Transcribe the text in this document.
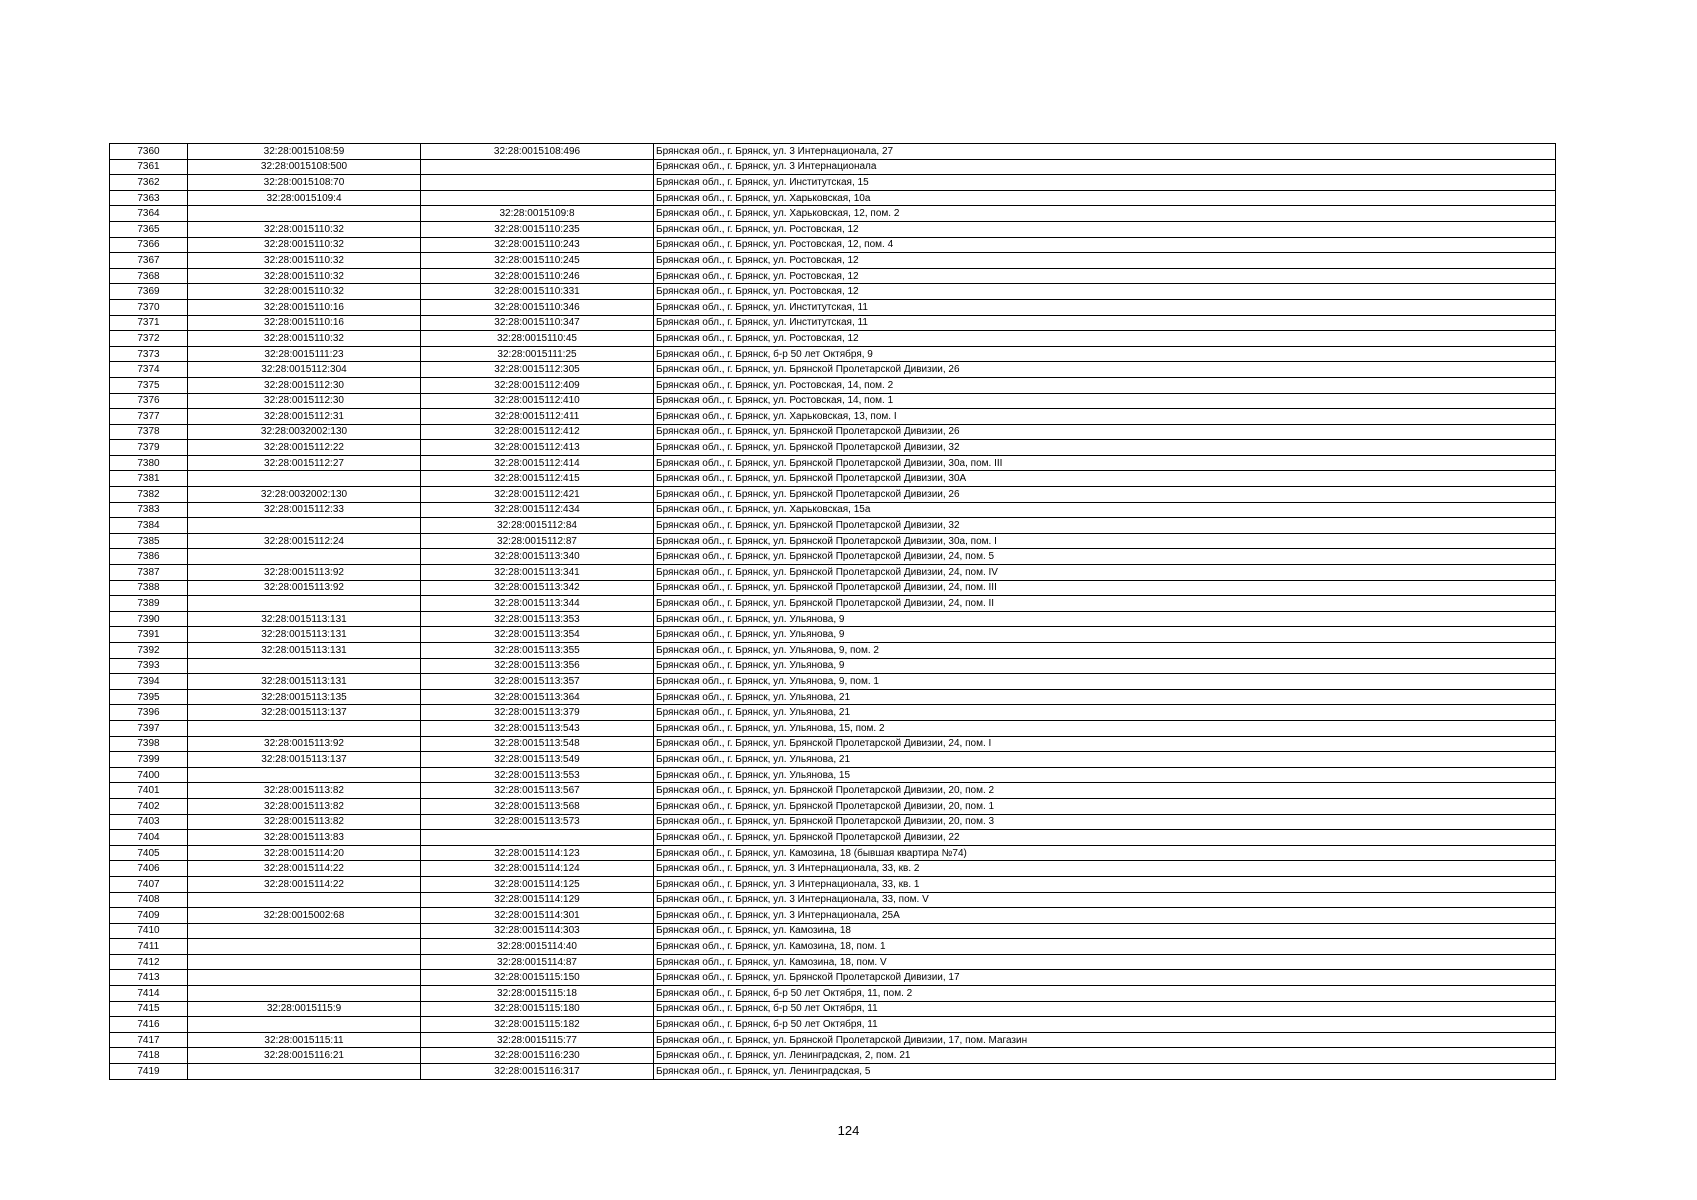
7360	32:28:0015108:59	32:28:0015108:496	Брянская обл., г. Брянск, ул. 3 Интернационала, 27
7361	32:28:0015108:500		Брянская обл., г. Брянск, ул. 3 Интернационала
7362	32:28:0015108:70		Брянская обл., г. Брянск, ул. Институтская, 15
7363	32:28:0015109:4		Брянская обл., г. Брянск, ул. Харьковская, 10а
7364		32:28:0015109:8	Брянская обл., г. Брянск, ул. Харьковская, 12, пом. 2
7365	32:28:0015110:32	32:28:0015110:235	Брянская обл., г. Брянск, ул. Ростовская, 12
7366	32:28:0015110:32	32:28:0015110:243	Брянская обл., г. Брянск, ул. Ростовская, 12, пом. 4
7367	32:28:0015110:32	32:28:0015110:245	Брянская обл., г. Брянск, ул. Ростовская, 12
7368	32:28:0015110:32	32:28:0015110:246	Брянская обл., г. Брянск, ул. Ростовская, 12
7369	32:28:0015110:32	32:28:0015110:331	Брянская обл., г. Брянск, ул. Ростовская, 12
7370	32:28:0015110:16	32:28:0015110:346	Брянская обл., г. Брянск, ул. Институтская, 11
7371	32:28:0015110:16	32:28:0015110:347	Брянская обл., г. Брянск, ул. Институтская, 11
7372	32:28:0015110:32	32:28:0015110:45	Брянская обл., г. Брянск, ул. Ростовская, 12
7373	32:28:0015111:23	32:28:0015111:25	Брянская обл., г. Брянск, б-р 50 лет Октября, 9
7374	32:28:0015112:304	32:28:0015112:305	Брянская обл., г. Брянск, ул. Брянской Пролетарской Дивизии, 26
7375	32:28:0015112:30	32:28:0015112:409	Брянская обл., г. Брянск, ул. Ростовская, 14, пом. 2
7376	32:28:0015112:30	32:28:0015112:410	Брянская обл., г. Брянск, ул. Ростовская, 14, пом. 1
7377	32:28:0015112:31	32:28:0015112:411	Брянская обл., г. Брянск, ул. Харьковская, 13, пом. I
7378	32:28:0032002:130	32:28:0015112:412	Брянская обл., г. Брянск, ул. Брянской Пролетарской Дивизии, 26
7379	32:28:0015112:22	32:28:0015112:413	Брянская обл., г. Брянск, ул. Брянской Пролетарской Дивизии, 32
7380	32:28:0015112:27	32:28:0015112:414	Брянская обл., г. Брянск, ул. Брянской Пролетарской Дивизии, 30а, пом. III
7381		32:28:0015112:415	Брянская обл., г. Брянск, ул. Брянской Пролетарской Дивизии, 30А
7382	32:28:0032002:130	32:28:0015112:421	Брянская обл., г. Брянск, ул. Брянской Пролетарской Дивизии, 26
7383	32:28:0015112:33	32:28:0015112:434	Брянская обл., г. Брянск, ул. Харьковская, 15а
7384		32:28:0015112:84	Брянская обл., г. Брянск, ул. Брянской Пролетарской Дивизии, 32
7385	32:28:0015112:24	32:28:0015112:87	Брянская обл., г. Брянск, ул. Брянской Пролетарской Дивизии, 30а, пом. I
7386		32:28:0015113:340	Брянская обл., г. Брянск, ул. Брянской Пролетарской Дивизии, 24, пом. 5
7387	32:28:0015113:92	32:28:0015113:341	Брянская обл., г. Брянск, ул. Брянской Пролетарской Дивизии, 24, пом. IV
7388	32:28:0015113:92	32:28:0015113:342	Брянская обл., г. Брянск, ул. Брянской Пролетарской Дивизии, 24, пом. III
7389		32:28:0015113:344	Брянская обл., г. Брянск, ул. Брянской Пролетарской Дивизии, 24, пом. II
7390	32:28:0015113:131	32:28:0015113:353	Брянская обл., г. Брянск, ул. Ульянова, 9
7391	32:28:0015113:131	32:28:0015113:354	Брянская обл., г. Брянск, ул. Ульянова, 9
7392	32:28:0015113:131	32:28:0015113:355	Брянская обл., г. Брянск, ул. Ульянова, 9, пом. 2
7393		32:28:0015113:356	Брянская обл., г. Брянск, ул. Ульянова, 9
7394	32:28:0015113:131	32:28:0015113:357	Брянская обл., г. Брянск, ул. Ульянова, 9, пом. 1
7395	32:28:0015113:135	32:28:0015113:364	Брянская обл., г. Брянск, ул. Ульянова, 21
7396	32:28:0015113:137	32:28:0015113:379	Брянская обл., г. Брянск, ул. Ульянова, 21
7397		32:28:0015113:543	Брянская обл., г. Брянск, ул. Ульянова, 15, пом. 2
7398	32:28:0015113:92	32:28:0015113:548	Брянская обл., г. Брянск, ул. Брянской Пролетарской Дивизии, 24, пом. I
7399	32:28:0015113:137	32:28:0015113:549	Брянская обл., г. Брянск, ул. Ульянова, 21
7400		32:28:0015113:553	Брянская обл., г. Брянск, ул. Ульянова, 15
7401	32:28:0015113:82	32:28:0015113:567	Брянская обл., г. Брянск, ул. Брянской Пролетарской Дивизии, 20, пом. 2
7402	32:28:0015113:82	32:28:0015113:568	Брянская обл., г. Брянск, ул. Брянской Пролетарской Дивизии, 20, пом. 1
7403	32:28:0015113:82	32:28:0015113:573	Брянская обл., г. Брянск, ул. Брянской Пролетарской Дивизии, 20, пом. 3
7404	32:28:0015113:83		Брянская обл., г. Брянск, ул. Брянской Пролетарской Дивизии, 22
7405	32:28:0015114:20	32:28:0015114:123	Брянская обл., г. Брянск, ул. Камозина, 18 (бывшая квартира №74)
7406	32:28:0015114:22	32:28:0015114:124	Брянская обл., г. Брянск, ул. 3 Интернационала, 33, кв. 2
7407	32:28:0015114:22	32:28:0015114:125	Брянская обл., г. Брянск, ул. 3 Интернационала, 33, кв. 1
7408		32:28:0015114:129	Брянская обл., г. Брянск, ул. 3 Интернационала, 33, пом. V
7409	32:28:0015002:68	32:28:0015114:301	Брянская обл., г. Брянск, ул. 3 Интернационала, 25А
7410		32:28:0015114:303	Брянская обл., г. Брянск, ул. Камозина, 18
7411		32:28:0015114:40	Брянская обл., г. Брянск, ул. Камозина, 18, пом. 1
7412		32:28:0015114:87	Брянская обл., г. Брянск, ул. Камозина, 18, пом. V
7413		32:28:0015115:150	Брянская обл., г. Брянск, ул. Брянской Пролетарской Дивизии, 17
7414		32:28:0015115:18	Брянская обл., г. Брянск, б-р 50 лет Октября, 11, пом. 2
7415	32:28:0015115:9	32:28:0015115:180	Брянская обл., г. Брянск, б-р 50 лет Октября, 11
7416		32:28:0015115:182	Брянская обл., г. Брянск, б-р 50 лет Октября, 11
7417	32:28:0015115:11	32:28:0015115:77	Брянская обл., г. Брянск, ул. Брянской Пролетарской Дивизии, 17, пом. Магазин
7418	32:28:0015116:21	32:28:0015116:230	Брянская обл., г. Брянск, ул. Ленинградская, 2, пом. 21
7419		32:28:0015116:317	Брянская обл., г. Брянск, ул. Ленинградская, 5
124
